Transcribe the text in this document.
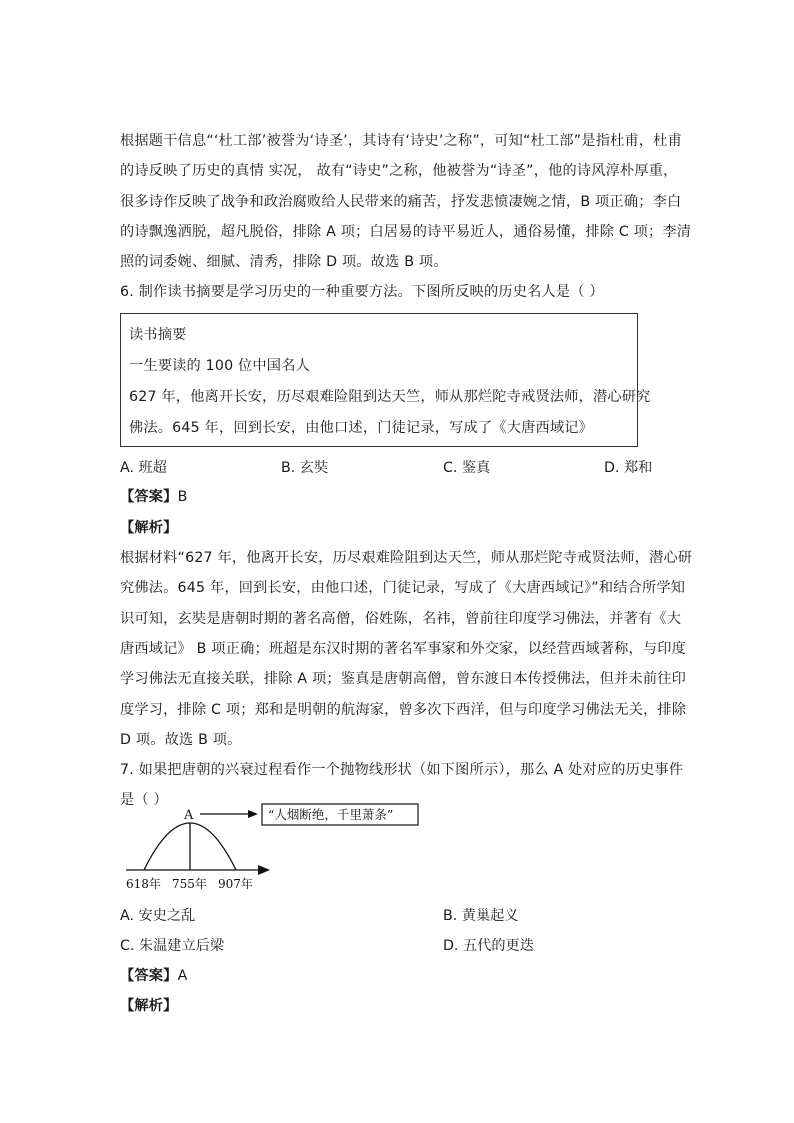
根据题干信息“‘杜工部’被誉为‘诗圣’，其诗有‘诗史’之称”，可知“杜工部”是指杜甫，杜甫
的诗反映了历史的真情 实况， 故有“诗史”之称，他被誉为“诗圣”，他的诗风淳朴厚重，
很多诗作反映了战争和政治腐败给人民带来的痛苦，抒发悲愤凄婉之情，B 项正确；李白
的诗飘逸洒脱，超凡脱俗，排除 A 项；白居易的诗平易近人，通俗易懂，排除 C 项；李清
照的词委婉、细腻、清秀，排除 D 项。故选 B 项。
6. 制作读书摘要是学习历史的一种重要方法。下图所反映的历史名人是（ ）
读书摘要
一生要读的 100 位中国名人
627 年，他离开长安，历尽艰难险阻到达天竺，师从那烂陀寺戒贤法师，潜心研究
佛法。645 年，回到长安，由他口述，门徒记录，写成了《大唐西域记》
A. 班超	B. 玄奘	C. 鉴真	D. 郑和
【答案】B
【解析】
根据材料“627 年，他离开长安，历尽艰难险阻到达天竺，师从那烂陀寺戒贤法师，潜心研
究佛法。645 年，回到长安，由他口述，门徒记录，写成了《大唐西域记》”和结合所学知
识可知，玄奘是唐朝时期的著名高僧，俗姓陈，名祎，曾前往印度学习佛法，并著有《大
唐西域记》 B 项正确；班超是东汉时期的著名军事家和外交家，以经营西域著称，与印度
学习佛法无直接关联，排除 A 项；鉴真是唐朝高僧，曾东渡日本传授佛法，但并未前往印
度学习，排除 C 项；郑和是明朝的航海家，曾多次下西洋，但与印度学习佛法无关，排除
D 项。故选 B 项。
7. 如果把唐朝的兴衰过程看作一个抛物线形状（如下图所示），那么 A 处对应的历史事件
是（ ）
A	“人烟断绝，千里萧条”
618年 755年 907年
A. 安史之乱	B. 黄巢起义
C. 朱温建立后梁	D. 五代的更迭
【答案】A
【解析】
